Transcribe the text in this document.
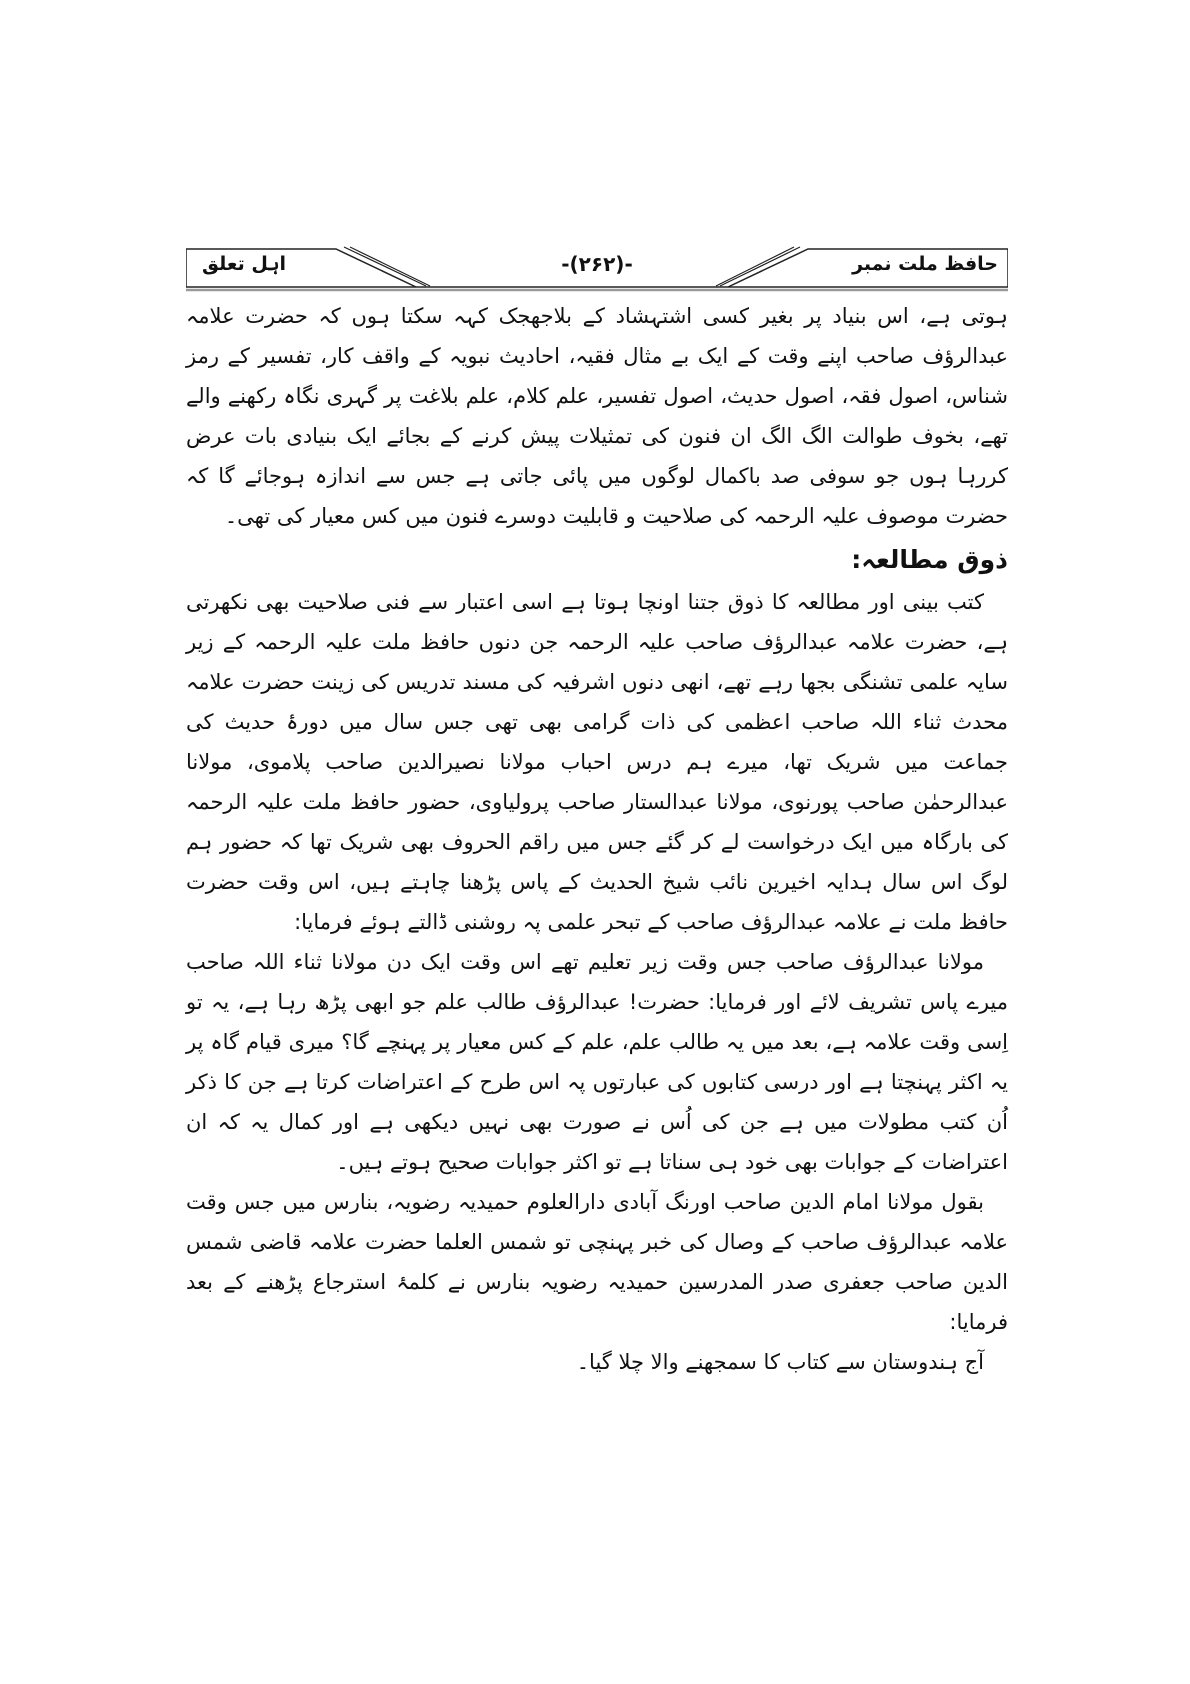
حافظ ملت نمبر
-(۲۶۲)-
اہل تعلق

ہوتی ہے، اس بنیاد پر بغیر کسی اشتہشاد کے بلاجھجک کہہ سکتا ہوں کہ حضرت علامہ عبدالرؤف صاحب اپنے وقت کے ایک بے مثال فقیہ، احادیث نبویہ کے واقف کار، تفسیر کے رمز شناس، اصول فقہ، اصول حدیث، اصول تفسیر، علم کلام، علم بلاغت پر گہری نگاہ رکھنے والے تھے، بخوف طوالت الگ الگ ان فنون کی تمثیلات پیش کرنے کے بجائے ایک بنیادی بات عرض کررہا ہوں جو سوفی صد باکمال لوگوں میں پائی جاتی ہے جس سے اندازہ ہوجائے گا کہ حضرت موصوف علیہ الرحمہ کی صلاحیت و قابلیت دوسرے فنون میں کس معیار کی تھی۔

ذوق مطالعہ:

کتب بینی اور مطالعہ کا ذوق جتنا اونچا ہوتا ہے اسی اعتبار سے فنی صلاحیت بھی نکھرتی ہے، حضرت علامہ عبدالرؤف صاحب علیہ الرحمہ جن دنوں حافظ ملت علیہ الرحمہ کے زیر سایہ علمی تشنگی بجھا رہے تھے، انھی دنوں اشرفیہ کی مسند تدریس کی زینت حضرت علامہ محدث ثناء اللہ صاحب اعظمی کی ذات گرامی بھی تھی جس سال میں دورۂ حدیث کی جماعت میں شریک تھا، میرے ہم درس احباب مولانا نصیرالدین صاحب پلاموی، مولانا عبدالرحمٰن صاحب پورنوی، مولانا عبدالستار صاحب پرولیاوی، حضور حافظ ملت علیہ الرحمہ کی بارگاہ میں ایک درخواست لے کر گئے جس میں راقم الحروف بھی شریک تھا کہ حضور ہم لوگ اس سال ہدایہ اخیرین نائب شیخ الحدیث کے پاس پڑھنا چاہتے ہیں، اس وقت حضرت حافظ ملت نے علامہ عبدالرؤف صاحب کے تبحر علمی پہ روشنی ڈالتے ہوئے فرمایا:

مولانا عبدالرؤف صاحب جس وقت زیر تعلیم تھے اس وقت ایک دن مولانا ثناء اللہ صاحب میرے پاس تشریف لائے اور فرمایا: حضرت! عبدالرؤف طالب علم جو ابھی پڑھ رہا ہے، یہ تو اِسی وقت علامہ ہے، بعد میں یہ طالب علم، علم کے کس معیار پر پہنچے گا؟ میری قیام گاہ پر یہ اکثر پہنچتا ہے اور درسی کتابوں کی عبارتوں پہ اس طرح کے اعتراضات کرتا ہے جن کا ذکر اُن کتب مطولات میں ہے جن کی اُس نے صورت بھی نہیں دیکھی ہے اور کمال یہ کہ ان اعتراضات کے جوابات بھی خود ہی سناتا ہے تو اکثر جوابات صحیح ہوتے ہیں۔

بقول مولانا امام الدین صاحب اورنگ آبادی دارالعلوم حمیدیہ رضویہ، بنارس میں جس وقت علامہ عبدالرؤف صاحب کے وصال کی خبر پہنچی تو شمس العلما حضرت علامہ قاضی شمس الدین صاحب جعفری صدر المدرسین حمیدیہ رضویہ بنارس نے کلمۂ استرجاع پڑھنے کے بعد فرمایا:

آج ہندوستان سے کتاب کا سمجھنے والا چلا گیا۔
